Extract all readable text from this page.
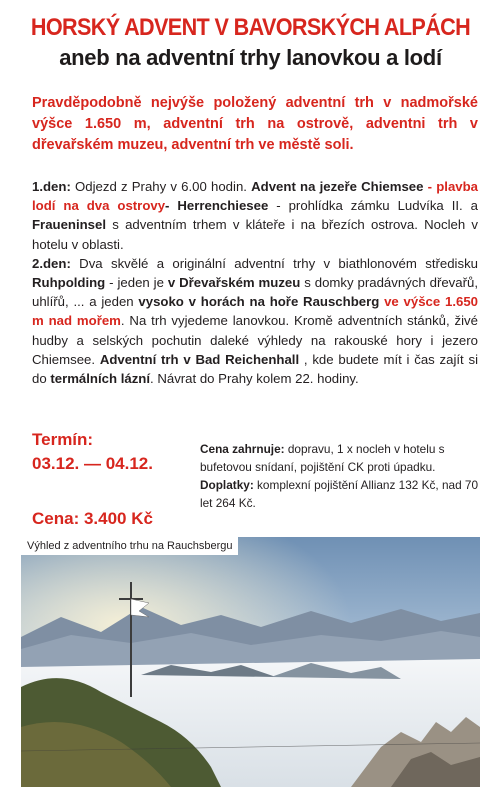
HORSKÝ ADVENT V BAVORSKÝCH ALPÁCH
aneb na adventní trhy lanovkou a lodí
Pravděpodobně nejvýše položený adventní trh v nadmořské výšce 1.650 m, adventní trh na ostrově, adventni trh v dřevařském muzeu, adventní trh ve městě soli.
1.den: Odjezd z Prahy v 6.00 hodin. Advent na jezeře Chiemsee - plavba lodí na dva ostrovy- Herrenchiesee - prohlídka zámku Ludvíka II. a Fraueninsel s adventním trhem v kláteře i na březích ostrova. Nocleh v hotelu v oblasti.
2.den: Dva skvělé a originální adventní trhy v biathlonovém středisku Ruhpolding - jeden je v Dřevařském muzeu s domky pradávných dřevařů, uhlířů, ... a jeden vysoko v horách na hoře Rauschberg ve výšce 1.650 m nad mořem. Na trh vyjedeme lanovkou. Kromě adventních stánků, živé hudby a selských pochutin daleké výhledy na rakouské hory i jezero Chiemsee. Adventní trh v Bad Reichenhall , kde budete mít i čas zajít si do termálních lázní. Návrat do Prahy kolem 22. hodiny.
Termín:
03.12. — 04.12.
Cena: 3.400 Kč
Cena zahrnuje: dopravu, 1 x nocleh v hotelu s bufetovou snídaní, pojištění CK proti úpadku.
Doplatky: komplexní pojištění Allianz 132 Kč, nad 70 let 264 Kč.
Výhled z adventního trhu na Rauchsbergu
